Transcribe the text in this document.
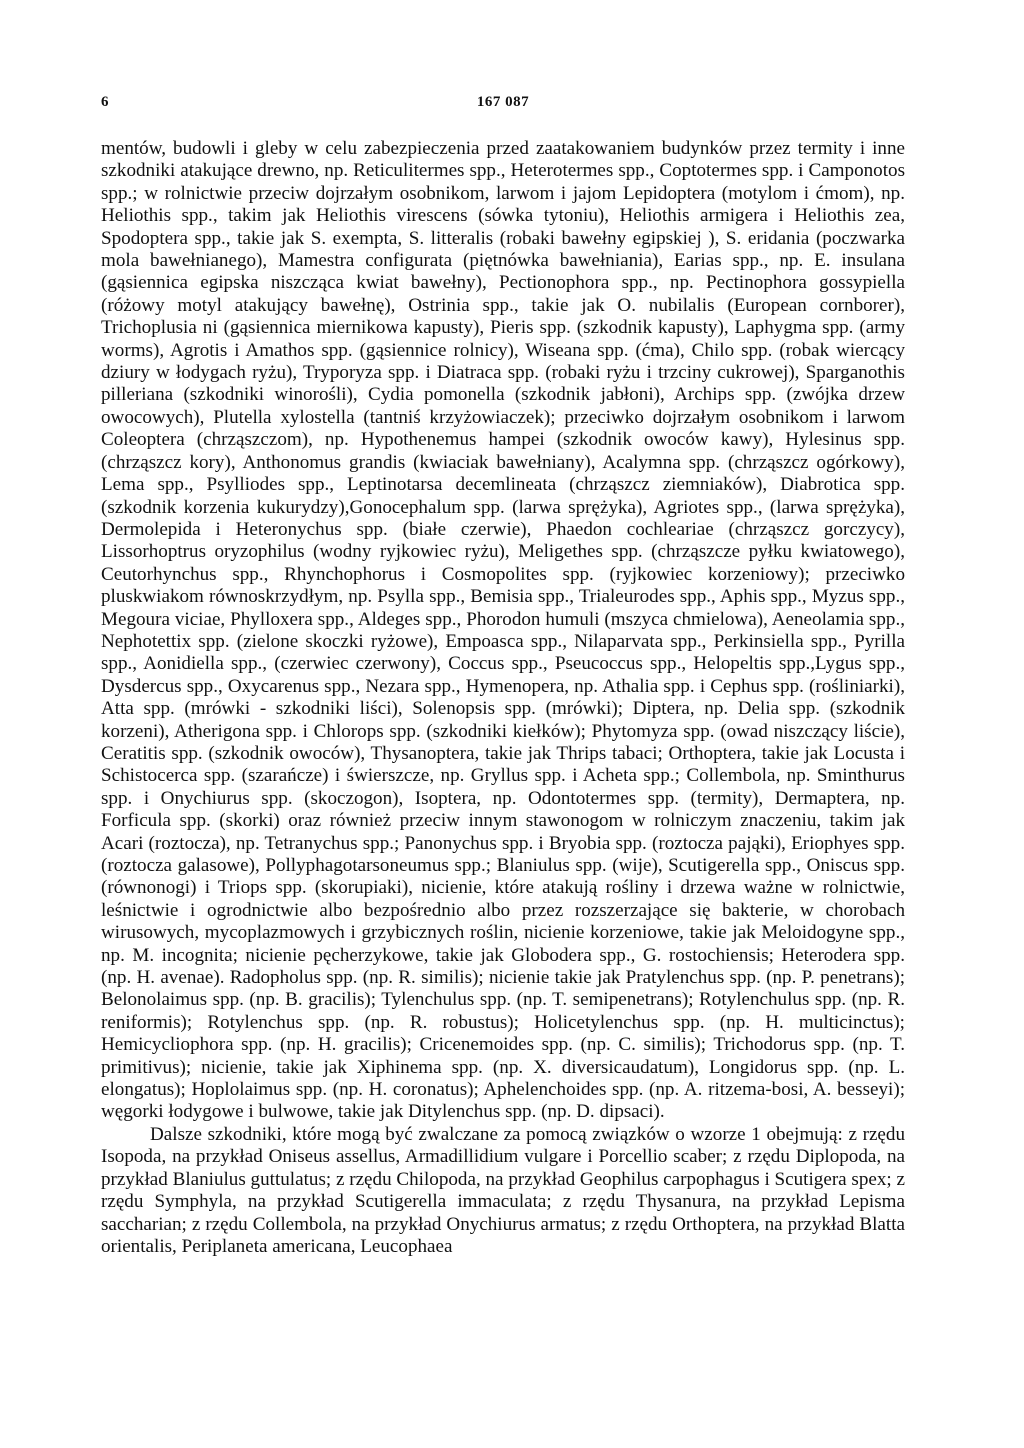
6	167 087

mentów, budowli i gleby w celu zabezpieczenia przed zaatakowaniem budynków przez termity i inne szkodniki atakujące drewno, np. Reticulitermes spp., Heterotermes spp., Coptotermes spp. i Camponotos spp.; w rolnictwie przeciw dojrzałym osobnikom, larwom i jajom Lepidoptera (motylom i ćmom), np. Heliothis spp., takim jak Heliothis virescens (sówka tytoniu), Heliothis armigera i Heliothis zea, Spodoptera spp., takie jak S. exempta, S. litteralis (robaki bawełny egipskiej ), S. eridania (poczwarka mola bawełnianego), Mamestra configurata (piętnówka bawełniania), Earias spp., np. E. insulana (gąsiennica egipska niszcząca kwiat bawełny), Pectionophora spp., np. Pectinophora gossypiella (różowy motyl atakujący bawełnę), Ostrinia spp., takie jak O. nubilalis (European cornborer), Trichoplusia ni (gąsiennica miernikowa kapusty), Pieris spp. (szkodnik kapusty), Laphygma spp. (army worms), Agrotis i Amathos spp. (gąsiennice rolnicy), Wiseana spp. (ćma), Chilo spp. (robak wiercący dziury w łodygach ryżu), Tryporyza spp. i Diatraca spp. (robaki ryżu i trzciny cukrowej), Sparganothis pilleriana (szkodniki winorośli), Cydia pomonella (szkodnik jabłoni), Archips spp. (zwójka drzew owocowych), Plutella xylostella (tantniś krzyżowiaczek); przeciwko dojrzałym osobnikom i larwom Coleoptera (chrząszczom), np. Hypothenemus hampei (szkodnik owoców kawy), Hylesinus spp. (chrząszcz kory), Anthonomus grandis (kwiaciak bawełniany), Acalymna spp. (chrząszcz ogórkowy), Lema spp., Psylliodes spp., Leptinotarsa decemlineata (chrząszcz ziemniaków), Diabrotica spp. (szkodnik korzenia kukurydzy),Gonocephalum spp. (larwa sprężyka), Agriotes spp., (larwa sprężyka), Dermolepida i Heteronychus spp. (białe czerwie), Phaedon cochleariae (chrząszcz gorczycy), Lissorhoptrus oryzophilus (wodny ryjkowiec ryżu), Meligethes spp. (chrząszcze pyłku kwiatowego), Ceutorhynchus spp., Rhynchophorus i Cosmopolites spp. (ryjkowiec korzeniowy); przeciwko pluskwiakom równoskrzydłym, np. Psylla spp., Bemisia spp., Trialeurodes spp., Aphis spp., Myzus spp., Megoura viciae, Phylloxera spp., Aldeges spp., Phorodon humuli (mszyca chmielowa), Aeneolamia spp., Nephotettix spp. (zielone skoczki ryżowe), Empoasca spp., Nilaparvata spp., Perkinsiella spp., Pyrilla spp., Aonidiella spp., (czerwiec czerwony), Coccus spp., Pseucoccus spp., Helopeltis spp.,Lygus spp., Dysdercus spp., Oxycarenus spp., Nezara spp., Hymenopera, np. Athalia spp. i Cephus spp. (rośliniarki), Atta spp. (mrówki - szkodniki liści), Solenopsis spp. (mrówki); Diptera, np. Delia spp. (szkodnik korzeni), Atherigona spp. i Chlorops spp. (szkodniki kiełków); Phytomyza spp. (owad niszczący liście), Ceratitis spp. (szkodnik owoców), Thysanoptera, takie jak Thrips tabaci; Orthoptera, takie jak Locusta i Schistocerca spp. (szarańcze) i świerszcze, np. Gryllus spp. i Acheta spp.; Collembola, np. Sminthurus spp. i Onychiurus spp. (skoczogon), Isoptera, np. Odontotermes spp. (termity), Dermaptera, np. Forficula spp. (skorki) oraz również przeciw innym stawonogom w rolniczym znaczeniu, takim jak Acari (roztocza), np. Tetranychus spp.; Panonychus spp. i Bryobia spp. (roztocza pająki), Eriophyes spp. (roztocza galasowe), Pollyphagotarsoneumus spp.; Blaniulus spp. (wije), Scutigerella spp., Oniscus spp. (równonogi) i Triops spp. (skorupiaki), nicienie, które atakują rośliny i drzewa ważne w rolnictwie, leśnictwie i ogrodnictwie albo bezpośrednio albo przez rozszerzające się bakterie, w chorobach wirusowych, mycoplazmowych i grzybicznych roślin, nicienie korzeniowe, takie jak Meloidogyne spp., np. M. incognita; nicienie pęcherzykowe, takie jak Globodera spp., G. rostochiensis; Heterodera spp. (np. H. avenae). Radopholus spp. (np. R. similis); nicienie takie jak Pratylenchus spp. (np. P. penetrans); Belonolaimus spp. (np. B. gracilis); Tylenchulus spp. (np. T. semipenetrans); Rotylenchulus spp. (np. R. reniformis); Rotylenchus spp. (np. R. robustus); Holicetylenchus spp. (np. H. multicinctus); Hemicycliophora spp. (np. H. gracilis); Cricenemoides spp. (np. C. similis); Trichodorus spp. (np. T. primitivus); nicienie, takie jak Xiphinema spp. (np. X. diversicaudatum), Longidorus spp. (np. L. elongatus); Hoplolaimus spp. (np. H. coronatus); Aphelenchoides spp. (np. A. ritzema-bosi, A. besseyi); węgorki łodygowe i bulwowe, takie jak Ditylenchus spp. (np. D. dipsaci).

Dalsze szkodniki, które mogą być zwalczane za pomocą związków o wzorze 1 obejmują: z rzędu Isopoda, na przykład Oniseus assellus, Armadillidium vulgare i Porcellio scaber; z rzędu Diplopoda, na przykład Blaniulus guttulatus; z rzędu Chilopoda, na przykład Geophilus carpophagus i Scutigera spex; z rzędu Symphyla, na przykład Scutigerella immaculata; z rzędu Thysanura, na przykład Lepisma saccharian; z rzędu Collembola, na przykład Onychiurus armatus; z rzędu Orthoptera, na przykład Blatta orientalis, Periplaneta americana, Leucophaea
